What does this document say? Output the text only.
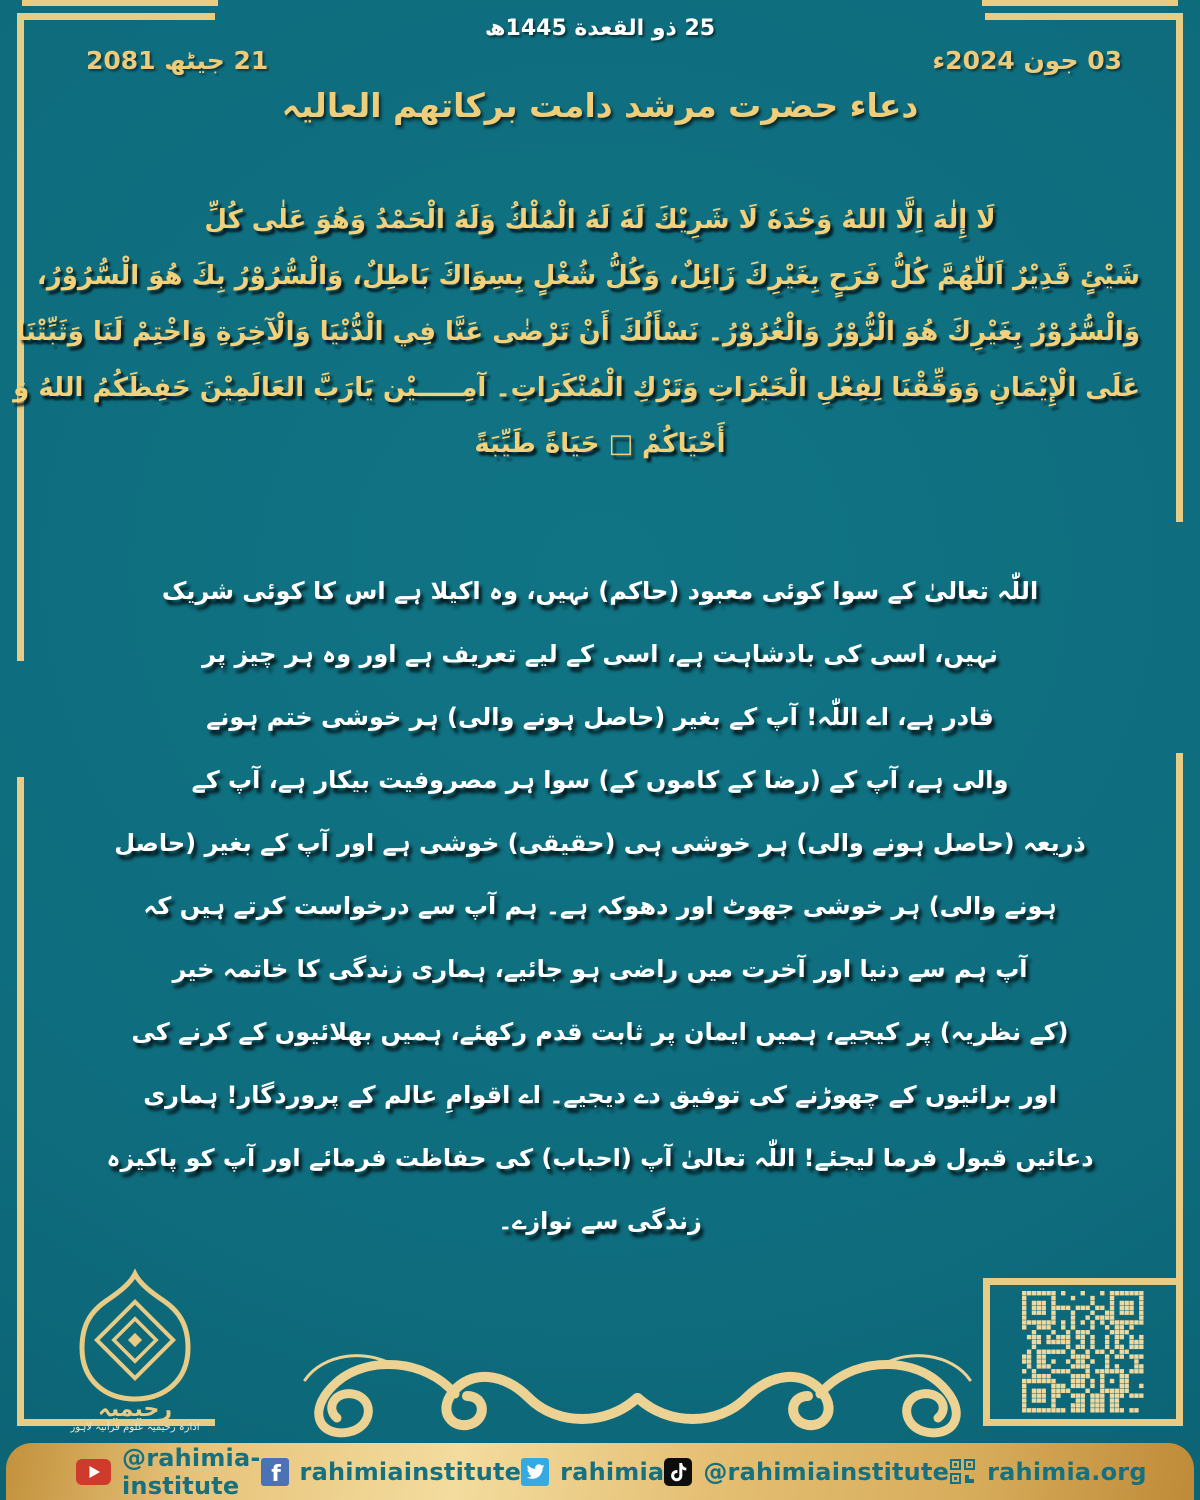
25 ذو القعدة 1445ھ
03 جون 2024ء
21 جیٹھ 2081
دعاء حضرت مرشد دامت برکاتھم العالیہ
لَا إِلٰهَ اِلَّا اللهُ وَحْدَهٗ لَا شَرِيْكَ لَهٗ لَهُ الْمُلْكُ وَلَهُ الْحَمْدُ وَهُوَ عَلٰى كُلِّ
شَيْئٍ قَدِيْرٌ اَللّٰهُمَّ كُلُّ فَرَحٍ بِغَيْرِكَ زَائِلٌ، وَكُلُّ شُغْلٍ بِسِوَاكَ بَاطِلٌ، وَالْسُّرُوْرُ بِكَ هُوَ الْسُّرُوْرُ،
وَالْسُّرُوْرُ بِغَيْرِكَ هُوَ الْزُّوْرُ وَالْغُرُوْرُ۔ نَسْأَلُكَ أَنْ تَرْضٰى عَنَّا فِي الْدُّنْيَا وَالْآخِرَةِ وَاخْتِمْ لَنَا وَثَبِّتْنَا
عَلَى الْإِيْمَانِ وَوَفِّقْنَا لِفِعْلِ الْخَيْرَاتِ وَتَرْكِ الْمُنْكَرَاتِ۔ آمِـــــيْن يَارَبَّ العَالَمِيْنَ حَفِظَكُمُ اللهُ وَ
أَحْيَاكُمْ □ حَيَاةً طَيِّبَةً
اللّٰہ تعالیٰ کے سوا کوئی معبود (حاکم) نہیں، وہ اکیلا ہے اس کا کوئی شریک
نہیں، اسی کی بادشاہت ہے، اسی کے لیے تعریف ہے اور وہ ہر چیز پر
قادر ہے، اے اللّٰہ! آپ کے بغیر (حاصل ہونے والی) ہر خوشی ختم ہونے
والی ہے، آپ کے (رضا کے کاموں کے) سوا ہر مصروفیت بیکار ہے، آپ کے
ذریعہ (حاصل ہونے والی) ہر خوشی ہی (حقیقی) خوشی ہے اور آپ کے بغیر (حاصل
ہونے والی) ہر خوشی جھوٹ اور دھوکہ ہے۔ ہم آپ سے درخواست کرتے ہیں کہ
آپ ہم سے دنیا اور آخرت میں راضی ہو جائیے، ہماری زندگی کا خاتمہ خیر
(کے نظریہ) پر کیجیے، ہمیں ایمان پر ثابت قدم رکھئے، ہمیں بھلائیوں کے کرنے کی
اور برائیوں کے چھوڑنے کی توفیق دے دیجیے۔ اے اقوامِ عالم کے پروردگار! ہماری
دعائیں قبول فرما لیجئے! اللّٰہ تعالیٰ آپ (احباب) کی حفاظت فرمائے اور آپ کو پاکیزہ
زندگی سے نوازے۔
رحیمیہ
ادارہ رحیمیہ علومِ قرآنیہ لاہور
@rahimia-institute	f rahimiainstitute rahimia @rahimiainstitute rahimia.org
